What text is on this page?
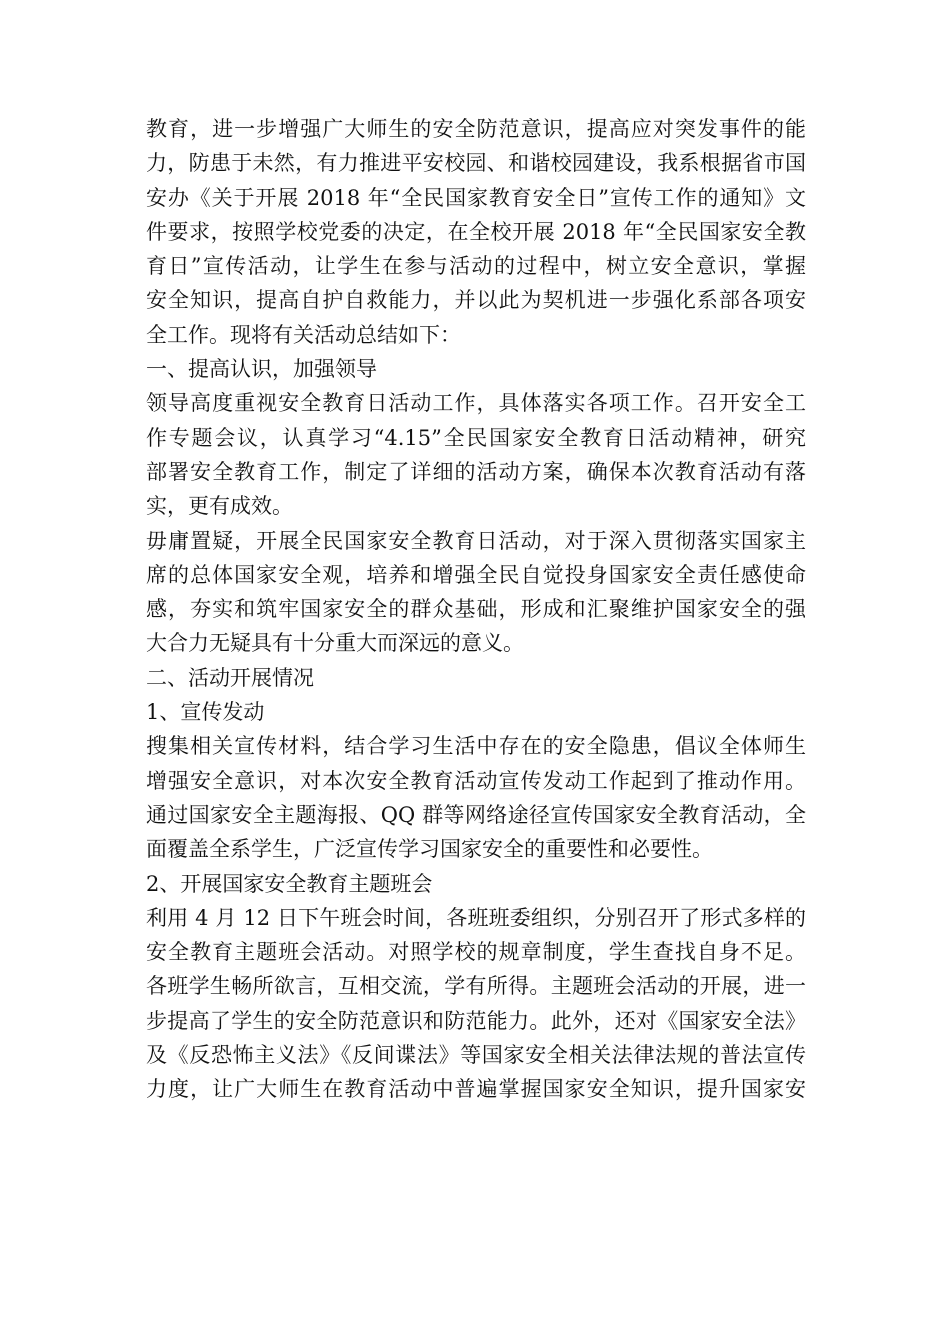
教育，进一步增强广大师生的安全防范意识，提高应对突发事件的能
力，防患于未然，有力推进平安校园、和谐校园建设，我系根据省市国
安办《关于开展 2018 年“全民国家教育安全日”宣传工作的通知》文
件要求，按照学校党委的决定，在全校开展 2018 年“全民国家安全教
育日”宣传活动，让学生在参与活动的过程中，树立安全意识，掌握
安全知识，提高自护自救能力，并以此为契机进一步强化系部各项安
全工作。现将有关活动总结如下：
一、提高认识，加强领导
领导高度重视安全教育日活动工作，具体落实各项工作。召开安全工
作专题会议，认真学习“4.15”全民国家安全教育日活动精神，研究
部署安全教育工作，制定了详细的活动方案，确保本次教育活动有落
实，更有成效。
毋庸置疑，开展全民国家安全教育日活动，对于深入贯彻落实国家主
席的总体国家安全观，培养和增强全民自觉投身国家安全责任感使命
感，夯实和筑牢国家安全的群众基础，形成和汇聚维护国家安全的强
大合力无疑具有十分重大而深远的意义。
二、活动开展情况
1、宣传发动
搜集相关宣传材料，结合学习生活中存在的安全隐患，倡议全体师生
增强安全意识，对本次安全教育活动宣传发动工作起到了推动作用。
通过国家安全主题海报、QQ 群等网络途径宣传国家安全教育活动，全
面覆盖全系学生，广泛宣传学习国家安全的重要性和必要性。
2、开展国家安全教育主题班会
利用 4 月 12 日下午班会时间，各班班委组织，分别召开了形式多样的
安全教育主题班会活动。对照学校的规章制度，学生查找自身不足。
各班学生畅所欲言，互相交流，学有所得。主题班会活动的开展，进一
步提高了学生的安全防范意识和防范能力。此外，还对《国家安全法》
及《反恐怖主义法》《反间谍法》等国家安全相关法律法规的普法宣传
力度，让广大师生在教育活动中普遍掌握国家安全知识，提升国家安
